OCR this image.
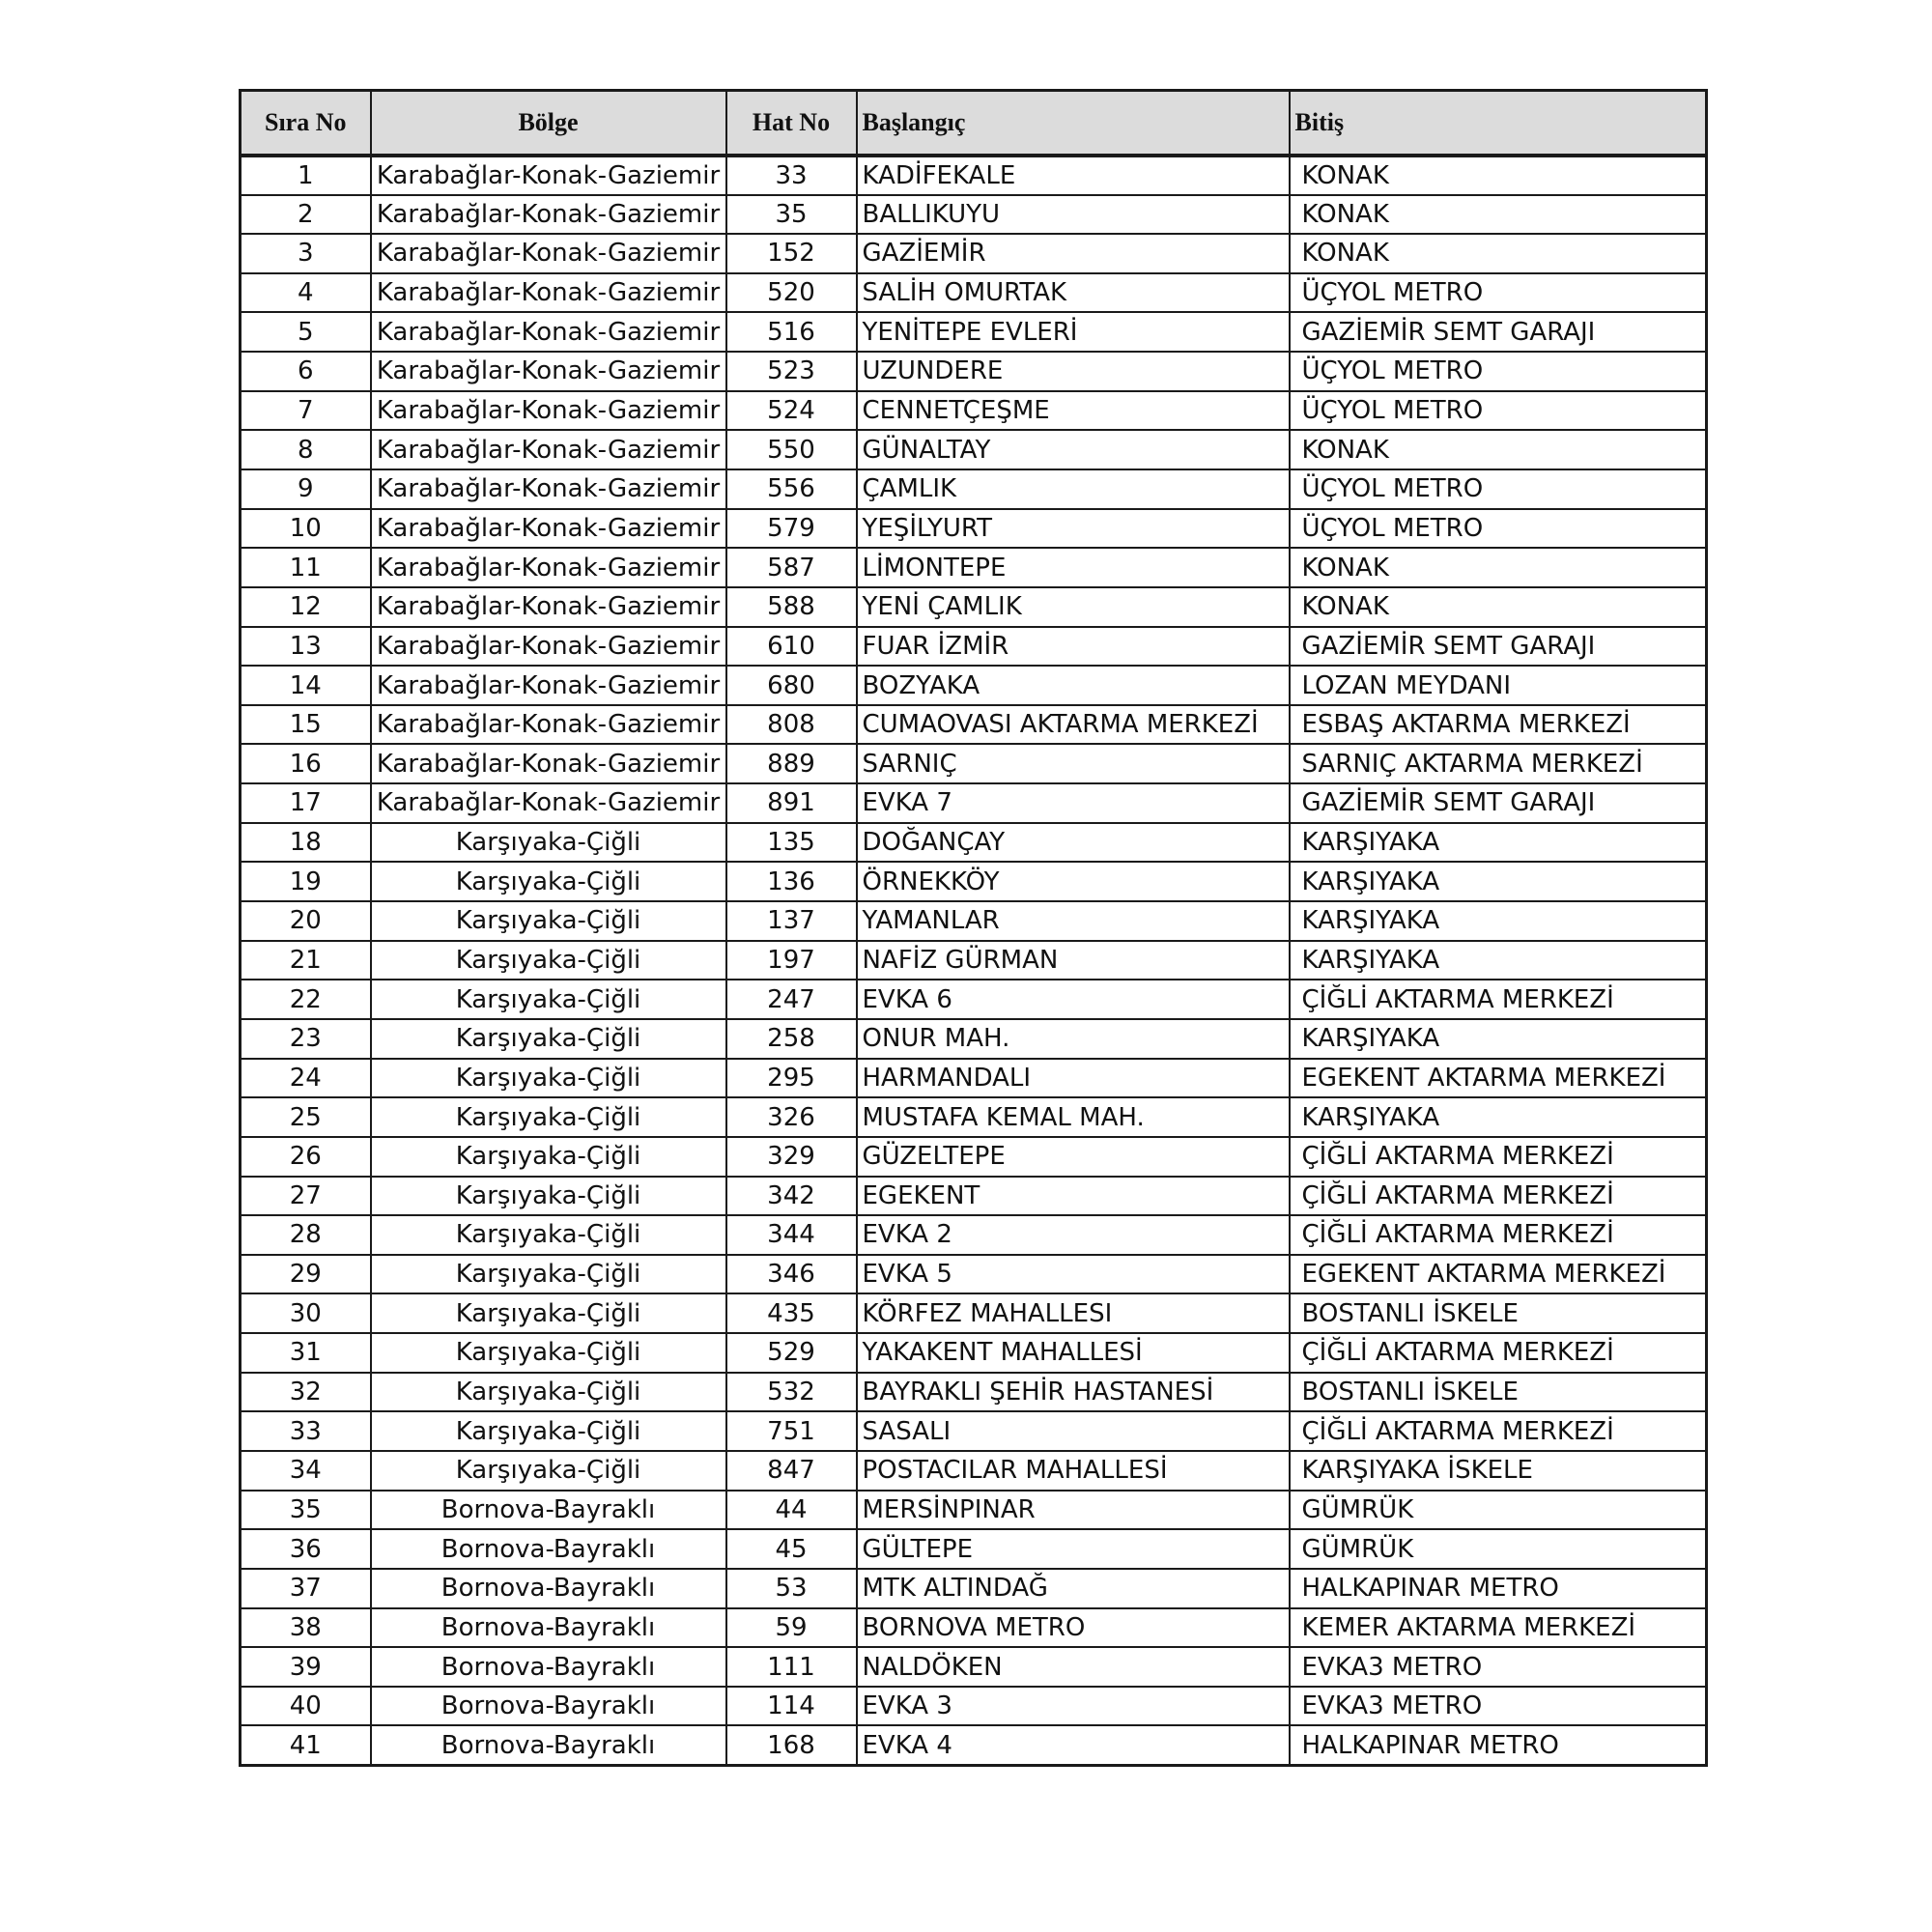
Sıra No	Bölge	Hat No	Başlangıç	Bitiş
1	Karabağlar-Konak-Gaziemir	33	KADİFEKALE	KONAK
2	Karabağlar-Konak-Gaziemir	35	BALLIKUYU	KONAK
3	Karabağlar-Konak-Gaziemir	152	GAZİEMİR	KONAK
4	Karabağlar-Konak-Gaziemir	520	SALİH OMURTAK	ÜÇYOL METRO
5	Karabağlar-Konak-Gaziemir	516	YENİTEPE EVLERİ	GAZİEMİR SEMT GARAJI
6	Karabağlar-Konak-Gaziemir	523	UZUNDERE	ÜÇYOL METRO
7	Karabağlar-Konak-Gaziemir	524	CENNETÇEŞME	ÜÇYOL METRO
8	Karabağlar-Konak-Gaziemir	550	GÜNALTAY	KONAK
9	Karabağlar-Konak-Gaziemir	556	ÇAMLIK	ÜÇYOL METRO
10	Karabağlar-Konak-Gaziemir	579	YEŞİLYURT	ÜÇYOL METRO
11	Karabağlar-Konak-Gaziemir	587	LİMONTEPE	KONAK
12	Karabağlar-Konak-Gaziemir	588	YENİ ÇAMLIK	KONAK
13	Karabağlar-Konak-Gaziemir	610	FUAR İZMİR	GAZİEMİR SEMT GARAJI
14	Karabağlar-Konak-Gaziemir	680	BOZYAKA	LOZAN MEYDANI
15	Karabağlar-Konak-Gaziemir	808	CUMAOVASI AKTARMA MERKEZİ	ESBAŞ AKTARMA MERKEZİ
16	Karabağlar-Konak-Gaziemir	889	SARNIÇ	SARNIÇ AKTARMA MERKEZİ
17	Karabağlar-Konak-Gaziemir	891	EVKA 7	GAZİEMİR SEMT GARAJI
18	Karşıyaka-Çiğli	135	DOĞANÇAY	KARŞIYAKA
19	Karşıyaka-Çiğli	136	ÖRNEKKÖY	KARŞIYAKA
20	Karşıyaka-Çiğli	137	YAMANLAR	KARŞIYAKA
21	Karşıyaka-Çiğli	197	NAFİZ GÜRMAN	KARŞIYAKA
22	Karşıyaka-Çiğli	247	EVKA 6	ÇİĞLİ AKTARMA MERKEZİ
23	Karşıyaka-Çiğli	258	ONUR MAH.	KARŞIYAKA
24	Karşıyaka-Çiğli	295	HARMANDALI	EGEKENT AKTARMA MERKEZİ
25	Karşıyaka-Çiğli	326	MUSTAFA KEMAL MAH.	KARŞIYAKA
26	Karşıyaka-Çiğli	329	GÜZELTEPE	ÇİĞLİ AKTARMA MERKEZİ
27	Karşıyaka-Çiğli	342	EGEKENT	ÇİĞLİ AKTARMA MERKEZİ
28	Karşıyaka-Çiğli	344	EVKA 2	ÇİĞLİ AKTARMA MERKEZİ
29	Karşıyaka-Çiğli	346	EVKA 5	EGEKENT AKTARMA MERKEZİ
30	Karşıyaka-Çiğli	435	KÖRFEZ MAHALLESI	BOSTANLI İSKELE
31	Karşıyaka-Çiğli	529	YAKAKENT MAHALLESİ	ÇİĞLİ AKTARMA MERKEZİ
32	Karşıyaka-Çiğli	532	BAYRAKLI ŞEHİR HASTANESİ	BOSTANLI İSKELE
33	Karşıyaka-Çiğli	751	SASALI	ÇİĞLİ AKTARMA MERKEZİ
34	Karşıyaka-Çiğli	847	POSTACILAR MAHALLESİ	KARŞIYAKA İSKELE
35	Bornova-Bayraklı	44	MERSİNPINAR	GÜMRÜK
36	Bornova-Bayraklı	45	GÜLTEPE	GÜMRÜK
37	Bornova-Bayraklı	53	MTK ALTINDAĞ	HALKAPINAR METRO
38	Bornova-Bayraklı	59	BORNOVA METRO	KEMER AKTARMA MERKEZİ
39	Bornova-Bayraklı	111	NALDÖKEN	EVKA3 METRO
40	Bornova-Bayraklı	114	EVKA 3	EVKA3 METRO
41	Bornova-Bayraklı	168	EVKA 4	HALKAPINAR METRO
